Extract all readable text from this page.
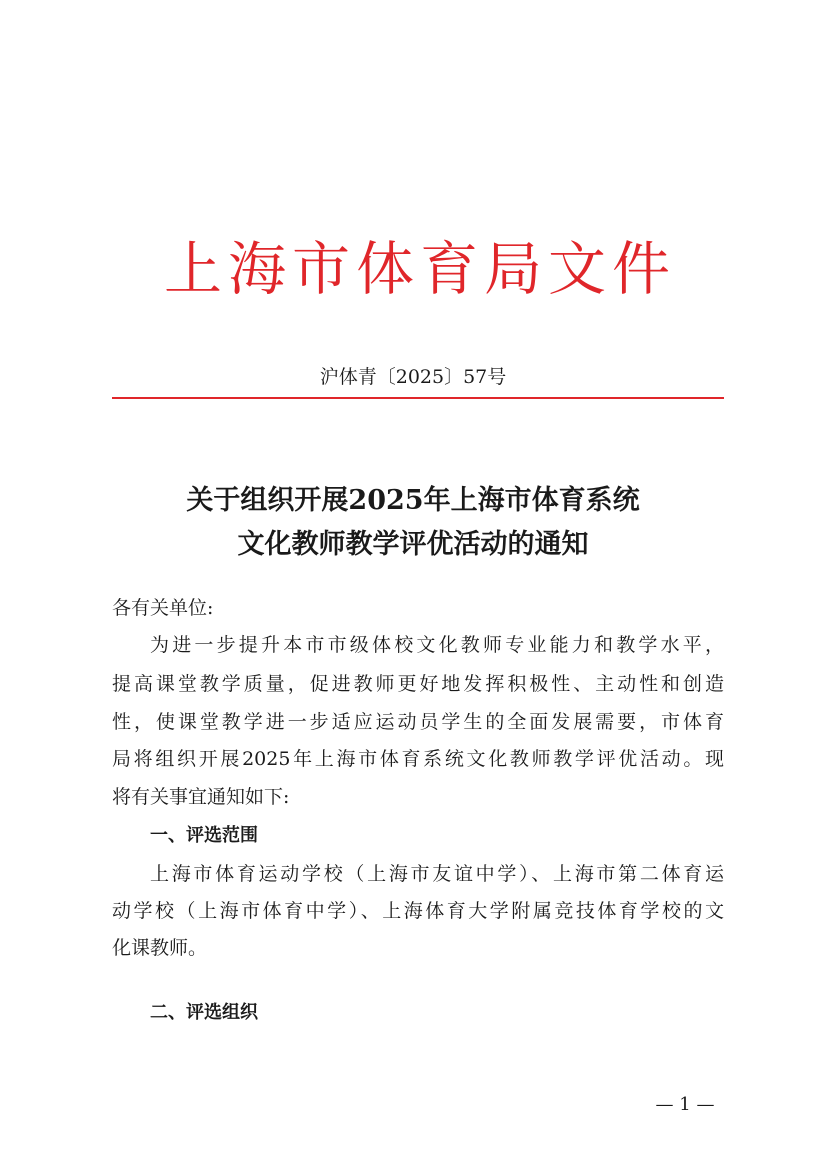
上海市体育局文件
沪体青〔2025〕57号
关于组织开展2025年上海市体育系统
文化教师教学评优活动的通知
各有关单位:
为进一步提升本市市级体校文化教师专业能力和教学水平，
提高课堂教学质量，促进教师更好地发挥积极性、主动性和创造
性，使课堂教学进一步适应运动员学生的全面发展需要，市体育
局将组织开展2025年上海市体育系统文化教师教学评优活动。现
将有关事宜通知如下:
一、评选范围
上海市体育运动学校（上海市友谊中学）、上海市第二体育运
动学校（上海市体育中学）、上海体育大学附属竞技体育学校的文
化课教师。
二、评选组织
— 1 —
